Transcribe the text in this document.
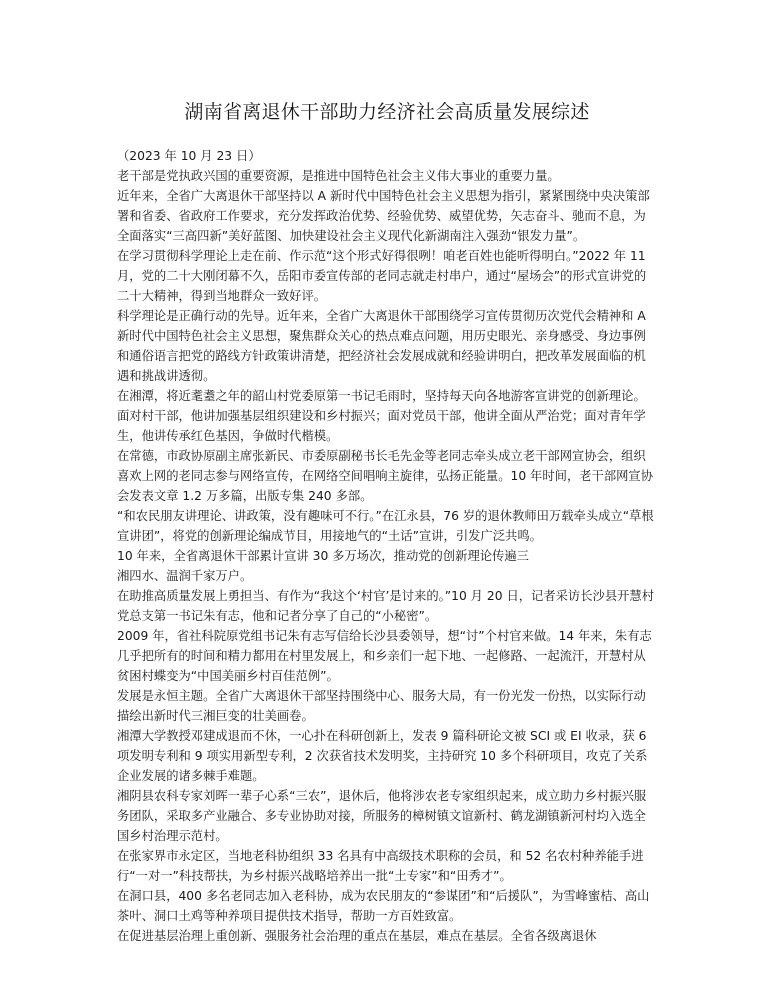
湖南省离退休干部助力经济社会高质量发展综述

（2023 年 10 月 23 日）

老干部是党执政兴国的重要资源，是推进中国特色社会主义伟大事业的重要力量。

近年来，全省广大离退休干部坚持以 A 新时代中国特色社会主义思想为指引，紧紧围绕中央决策部署和省委、省政府工作要求，充分发挥政治优势、经验优势、威望优势，矢志奋斗、驰而不息，为全面落实“三高四新”美好蓝图、加快建设社会主义现代化新湖南注入强劲“银发力量”。

在学习贯彻科学理论上走在前、作示范“这个形式好得很咧！咱老百姓也能听得明白。”2022 年 11 月，党的二十大刚闭幕不久，岳阳市委宣传部的老同志就走村串户，通过“屋场会”的形式宣讲党的二十大精神，得到当地群众一致好评。

科学理论是正确行动的先导。近年来，全省广大离退休干部围绕学习宣传贯彻历次党代会精神和 A 新时代中国特色社会主义思想，聚焦群众关心的热点难点问题，用历史眼光、亲身感受、身边事例和通俗语言把党的路线方针政策讲清楚，把经济社会发展成就和经验讲明白，把改革发展面临的机遇和挑战讲透彻。

在湘潭，将近耄耋之年的韶山村党委原第一书记毛雨时，坚持每天向各地游客宣讲党的创新理论。面对村干部，他讲加强基层组织建设和乡村振兴；面对党员干部，他讲全面从严治党；面对青年学生，他讲传承红色基因，争做时代楷模。

在常德，市政协原副主席张新民、市委原副秘书长毛先金等老同志牵头成立老干部网宣协会，组织喜欢上网的老同志参与网络宣传，在网络空间唱响主旋律，弘扬正能量。10 年时间，老干部网宣协会发表文章 1.2 万多篇，出版专集 240 多部。

“和农民朋友讲理论、讲政策，没有趣味可不行。”在江永县，76 岁的退休教师田万载牵头成立“草根宣讲团”，将党的创新理论编成节目，用接地气的“土话”宣讲，引发广泛共鸣。

10 年来，全省离退休干部累计宣讲 30 多万场次，推动党的创新理论传遍三

湘四水、温润千家万户。

在助推高质量发展上勇担当、有作为“我这个‘村官’是讨来的。”10 月 20 日，记者采访长沙县开慧村党总支第一书记朱有志，他和记者分享了自己的“小秘密”。

2009 年，省社科院原党组书记朱有志写信给长沙县委领导，想“讨”个村官来做。14 年来，朱有志几乎把所有的时间和精力都用在村里发展上，和乡亲们一起下地、一起修路、一起流汗，开慧村从贫困村蝶变为“中国美丽乡村百佳范例”。

发展是永恒主题。全省广大离退休干部坚持围绕中心、服务大局，有一份光发一份热，以实际行动描绘出新时代三湘巨变的壮美画卷。

湘潭大学教授邓建成退而不休，一心扑在科研创新上，发表 9 篇科研论文被 SCI 或 EI 收录，获 6 项发明专利和 9 项实用新型专利，2 次获省技术发明奖，主持研究 10 多个科研项目，攻克了关系企业发展的诸多棘手难题。

湘阴县农科专家刘晖一辈子心系“三农”，退休后，他将涉农老专家组织起来，成立助力乡村振兴服务团队，采取多产业融合、多专业协助对接，所服务的樟树镇文谊新村、鹤龙湖镇新河村均入选全国乡村治理示范村。

在张家界市永定区，当地老科协组织 33 名具有中高级技术职称的会员，和 52 名农村种养能手进行“一对一”科技帮扶，为乡村振兴战略培养出一批“土专家”和“田秀才”。

在洞口县，400 多名老同志加入老科协，成为农民朋友的“参谋团”和“后援队”，为雪峰蜜桔、高山茶叶、洞口土鸡等种养项目提供技术指导，帮助一方百姓致富。

在促进基层治理上重创新、强服务社会治理的重点在基层，难点在基层。全省各级离退休
